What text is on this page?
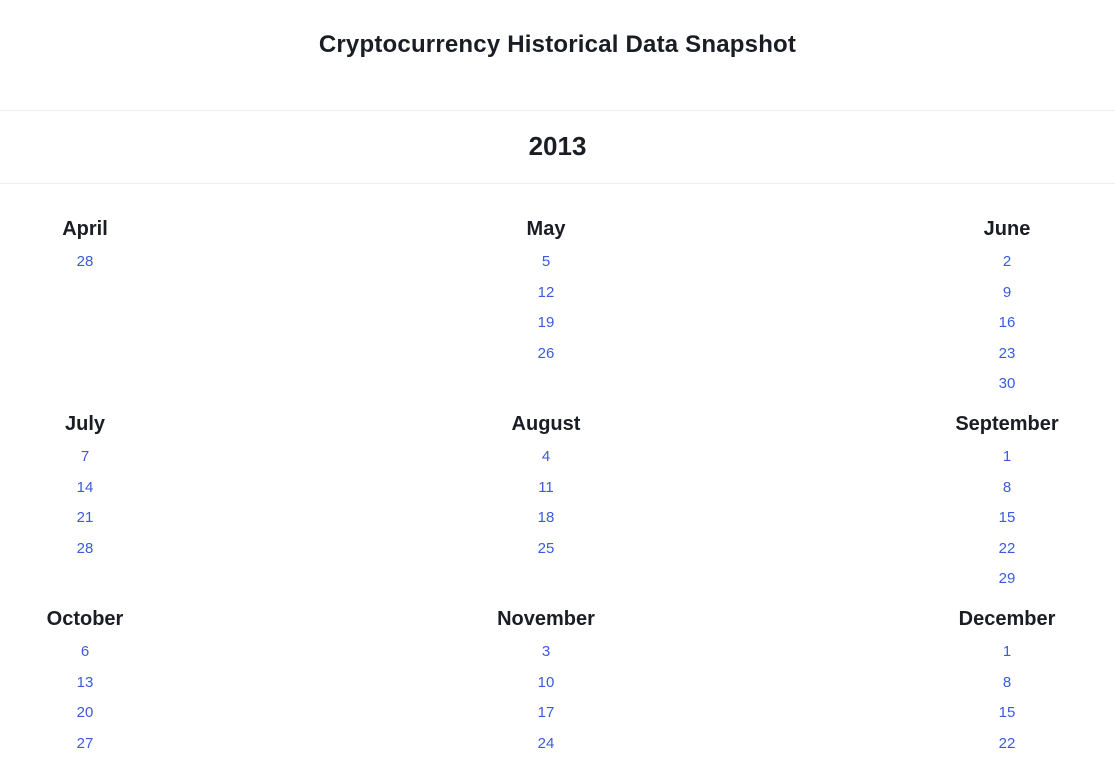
Cryptocurrency Historical Data Snapshot
2013
April
28
May
5
12
19
26
June
2
9
16
23
30
July
7
14
21
28
August
4
11
18
25
September
1
8
15
22
29
October
6
13
20
27
November
3
10
17
24
December
1
8
15
22
